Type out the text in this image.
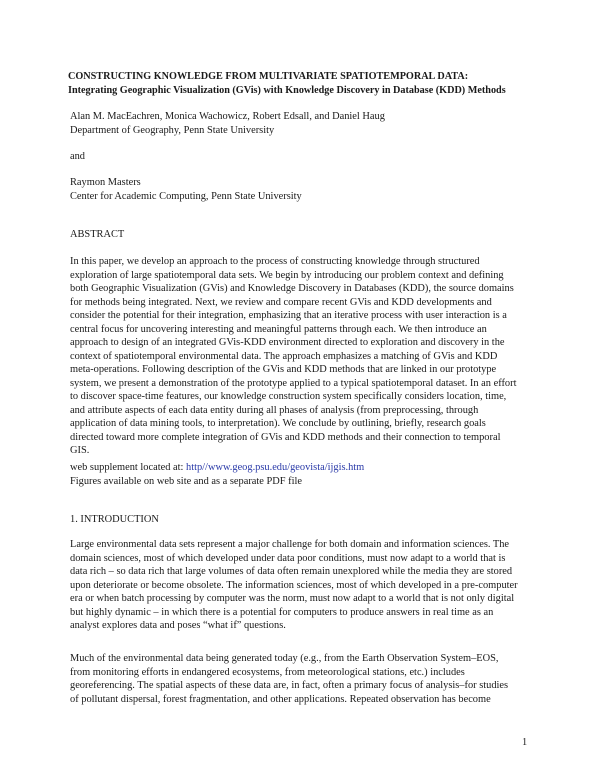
CONSTRUCTING KNOWLEDGE FROM MULTIVARIATE SPATIOTEMPORAL DATA:
Integrating Geographic Visualization (GVis) with Knowledge Discovery in Database (KDD) Methods
Alan M. MacEachren, Monica Wachowicz, Robert Edsall, and Daniel Haug
Department of Geography, Penn State University
and
Raymon Masters
Center for Academic Computing, Penn State University
ABSTRACT
In this paper, we develop an approach to the process of constructing knowledge through structured
exploration of large spatiotemporal data sets. We begin by introducing our problem context and defining
both Geographic Visualization (GVis) and Knowledge Discovery in Databases (KDD), the source domains
for methods being integrated. Next, we review and compare recent GVis and KDD developments and
consider the potential for their integration, emphasizing that an iterative process with user interaction is a
central focus for uncovering interesting and meaningful patterns through each. We then introduce an
approach to design of an integrated GVis-KDD environment directed to exploration and discovery in the
context of spatiotemporal environmental data. The approach emphasizes a matching of GVis and KDD
meta-operations. Following description of the GVis and KDD methods that are linked in our prototype
system, we present a demonstration of the prototype applied to a typical spatiotemporal dataset. In an effort
to discover space-time features, our knowledge construction system specifically considers location, time,
and attribute aspects of each data entity during all phases of analysis (from preprocessing, through
application of data mining tools, to interpretation). We conclude by outlining, briefly, research goals
directed toward more complete integration of GVis and KDD methods and their connection to temporal
GIS.
web supplement located at: http//www.geog.psu.edu/geovista/ijgis.htm
Figures available on web site and as a separate PDF file
1. INTRODUCTION
Large environmental data sets represent a major challenge for both domain and information sciences. The
domain sciences, most of which developed under data poor conditions, must now adapt to a world that is
data rich – so data rich that large volumes of data often remain unexplored while the media they are stored
upon deteriorate or become obsolete. The information sciences, most of which developed in a pre-computer
era or when batch processing by computer was the norm, must now adapt to a world that is not only digital
but highly dynamic – in which there is a potential for computers to produce answers in real time as an
analyst explores data and poses “what if” questions.
Much of the environmental data being generated today (e.g., from the Earth Observation System–EOS,
from monitoring efforts in endangered ecosystems, from meteorological stations, etc.) includes
georeferencing. The spatial aspects of these data are, in fact, often a primary focus of analysis–for studies
of pollutant dispersal, forest fragmentation, and other applications. Repeated observation has become
1
